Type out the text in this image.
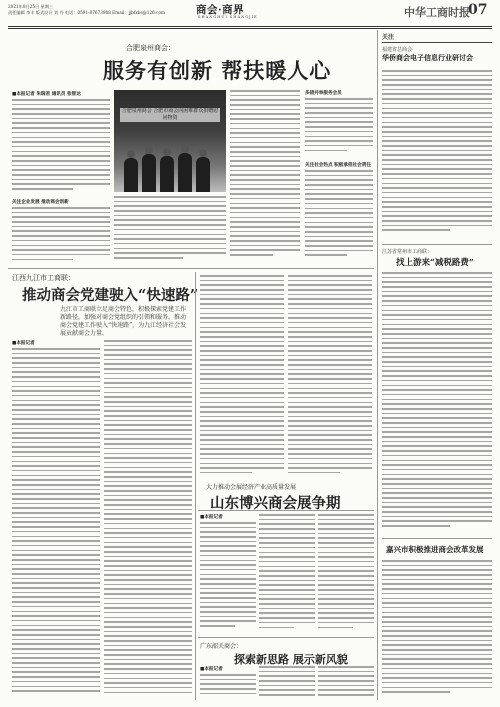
2021年8月25日 星期三
责任编辑 李丰 版式设计 刘 丹 电话：0591-87673988 Email：jjbfxbs@126.com	商会·商界
SHANGHUI SHANGJIE	中华工商时报
07
合肥泉州商会：
服务有创新 帮扶暖人心
■本报记者 朱瑞君 通讯员 张智达
关注企业发展 推动商会创新
合肥泉州商会 合肥市商会向困难群众捐赠慰问物资
多措并举服务会员
关注社会热点 积极承担社会责任
江西九江市工商联：
推动商会党建驶入“快速路”
九江市工商联立足商会特色，积极探索党建工作新路径，加强对商会党组织的引领和服务，推动商会党建工作驶入“快速路”，为九江经济社会发展贡献商会力量。
■本报记者
大力推动会展经济产业高质量发展
山东博兴商会展争期
■本报记者
广东韶关商会：
探索新思路 展示新风貌
■本报记者
关注
福建省总商会·
华侨商会电子信息行业研讨会
江苏省常州市工商联：
找上游来“减税路费”
嘉兴市积极推进商会改革发展
